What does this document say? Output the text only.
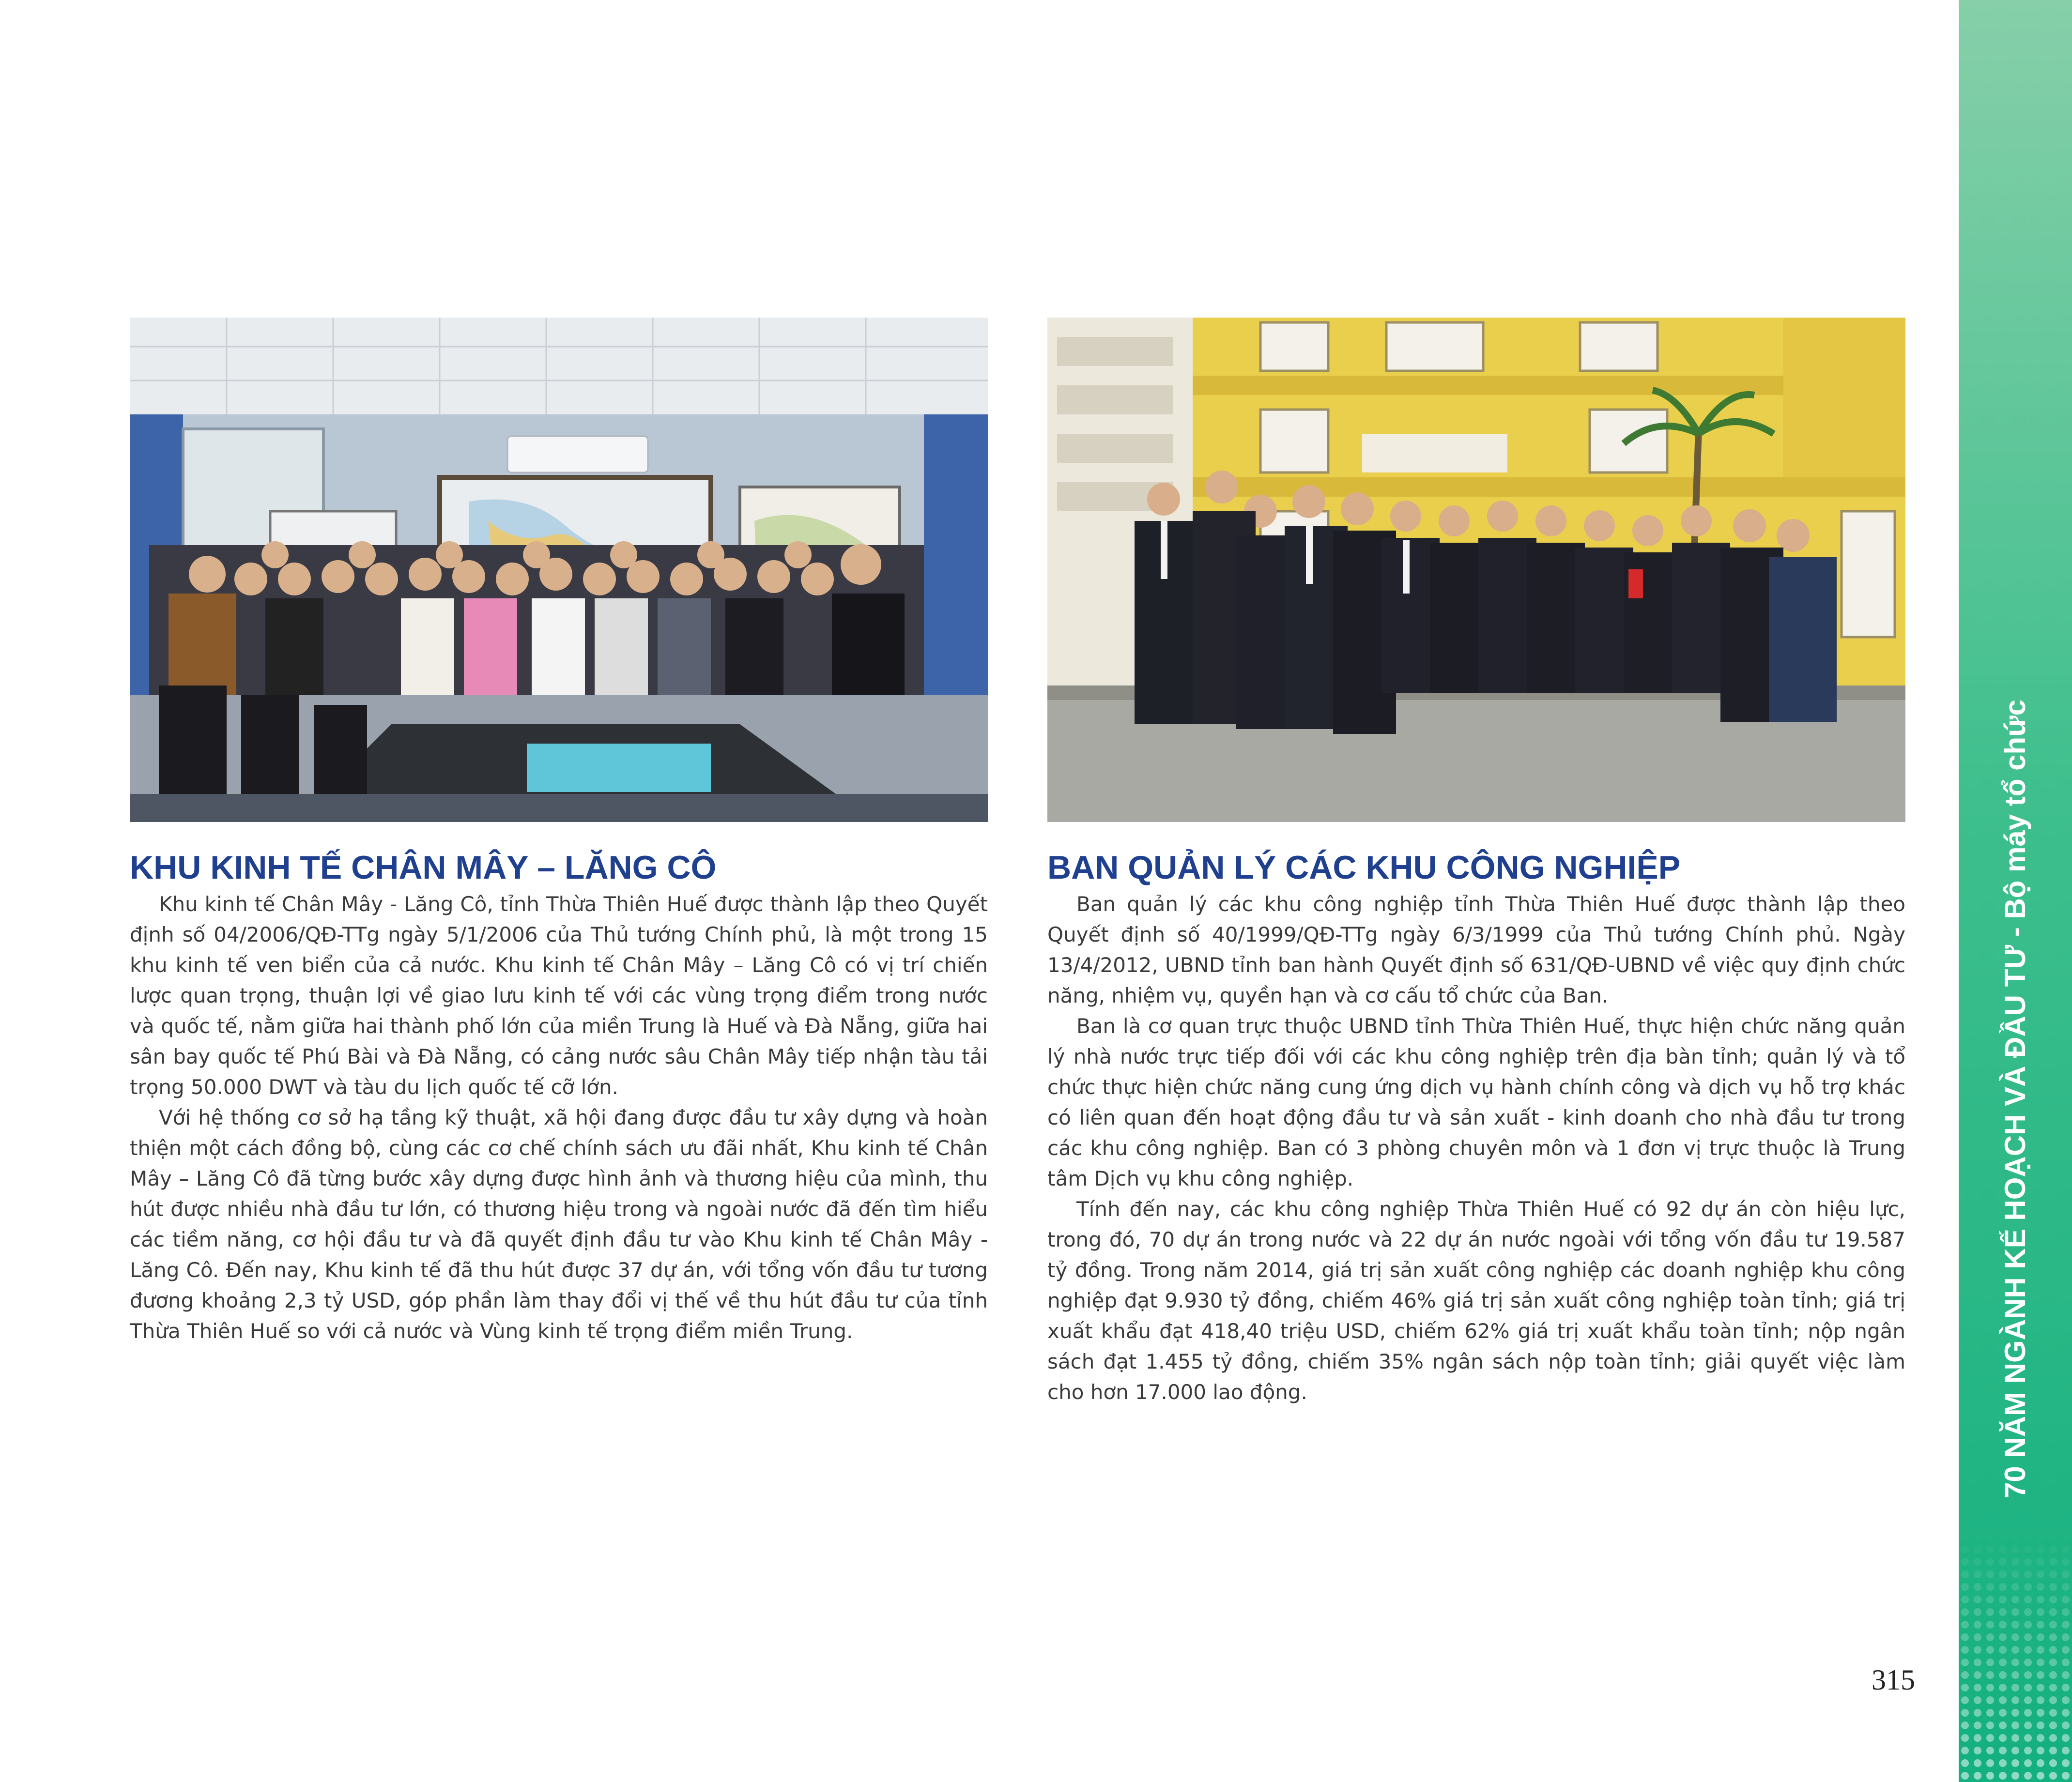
KHU KINH TẾ CHÂN MÂY – LĂNG CÔ

Khu kinh tế Chân Mây - Lăng Cô, tỉnh Thừa Thiên Huế được thành lập theo Quyết định số 04/2006/QĐ-TTg ngày 5/1/2006 của Thủ tướng Chính phủ, là một trong 15 khu kinh tế ven biển của cả nước. Khu kinh tế Chân Mây – Lăng Cô có vị trí chiến lược quan trọng, thuận lợi về giao lưu kinh tế với các vùng trọng điểm trong nước và quốc tế, nằm giữa hai thành phố lớn của miền Trung là Huế và Đà Nẵng, giữa hai sân bay quốc tế Phú Bài và Đà Nẵng, có cảng nước sâu Chân Mây tiếp nhận tàu tải trọng 50.000 DWT và tàu du lịch quốc tế cỡ lớn.

Với hệ thống cơ sở hạ tầng kỹ thuật, xã hội đang được đầu tư xây dựng và hoàn thiện một cách đồng bộ, cùng các cơ chế chính sách ưu đãi nhất, Khu kinh tế Chân Mây – Lăng Cô đã từng bước xây dựng được hình ảnh và thương hiệu của mình, thu hút được nhiều nhà đầu tư lớn, có thương hiệu trong và ngoài nước đã đến tìm hiểu các tiềm năng, cơ hội đầu tư và đã quyết định đầu tư vào Khu kinh tế Chân Mây - Lăng Cô. Đến nay, Khu kinh tế đã thu hút được 37 dự án, với tổng vốn đầu tư tương đương khoảng 2,3 tỷ USD, góp phần làm thay đổi vị thế về thu hút đầu tư của tỉnh Thừa Thiên Huế so với cả nước và Vùng kinh tế trọng điểm miền Trung.

BAN QUẢN LÝ CÁC KHU CÔNG NGHIỆP

Ban quản lý các khu công nghiệp tỉnh Thừa Thiên Huế được thành lập theo Quyết định số 40/1999/QĐ-TTg ngày 6/3/1999 của Thủ tướng Chính phủ. Ngày 13/4/2012, UBND tỉnh ban hành Quyết định số 631/QĐ-UBND về việc quy định chức năng, nhiệm vụ, quyền hạn và cơ cấu tổ chức của Ban.

Ban là cơ quan trực thuộc UBND tỉnh Thừa Thiên Huế, thực hiện chức năng quản lý nhà nước trực tiếp đối với các khu công nghiệp trên địa bàn tỉnh; quản lý và tổ chức thực hiện chức năng cung ứng dịch vụ hành chính công và dịch vụ hỗ trợ khác có liên quan đến hoạt động đầu tư và sản xuất - kinh doanh cho nhà đầu tư trong các khu công nghiệp. Ban có 3 phòng chuyên môn và 1 đơn vị trực thuộc là Trung tâm Dịch vụ khu công nghiệp.

Tính đến nay, các khu công nghiệp Thừa Thiên Huế có 92 dự án còn hiệu lực, trong đó, 70 dự án trong nước và 22 dự án nước ngoài với tổng vốn đầu tư 19.587 tỷ đồng. Trong năm 2014, giá trị sản xuất công nghiệp các doanh nghiệp khu công nghiệp đạt 9.930 tỷ đồng, chiếm 46% giá trị sản xuất công nghiệp toàn tỉnh; giá trị xuất khẩu đạt 418,40 triệu USD, chiếm 62% giá trị xuất khẩu toàn tỉnh; nộp ngân sách đạt 1.455 tỷ đồng, chiếm 35% ngân sách nộp toàn tỉnh; giải quyết việc làm cho hơn 17.000 lao động.

315
70 NĂM NGÀNH KẾ HOẠCH VÀ ĐẦU TƯ - Bộ máy tổ chức
